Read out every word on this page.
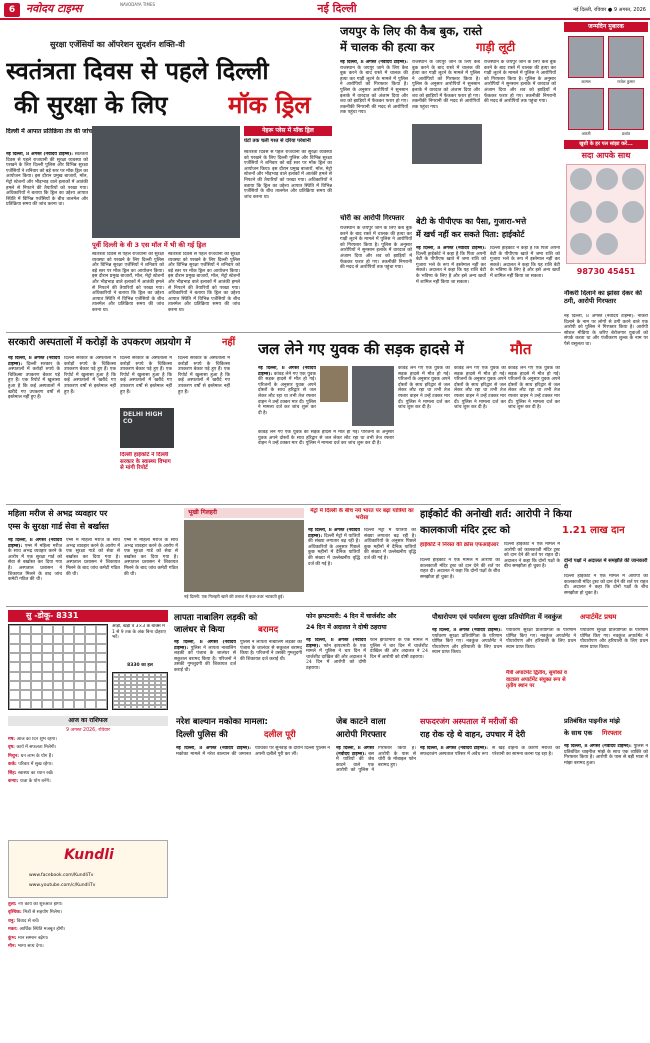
6 नवोदय टाइम्स	NAVODAYA TIMES	नई दिल्ली	नई दिल्ली, रविवार ● 9 अगस्त, 2026
सुरक्षा एजेंसियों का ऑपरेशन सुदर्शन शक्ति-वी
स्वतंत्रता दिवस से पहले दिल्ली
की सुरक्षा के लिए	मॉक ड्रिल
दिल्ली में आपात प्रतिक्रिया तंत्र की जांच
नई दिल्ली, 8 अगस्त (नवोदय टाइम्स): स्वतंत्रता दिवस से पहले राजधानी की सुरक्षा व्यवस्था को परखने के लिए दिल्ली पुलिस और विभिन्न सुरक्षा एजेंसियों ने शनिवार को बड़े स्तर पर मॉक ड्रिल का आयोजन किया। इस दौरान प्रमुख बाजारों, मॉल, मेट्रो स्टेशनों और भीड़भाड़ वाले इलाकों में आतंकी हमले से निपटने की तैयारियों को परखा गया। अधिकारियों ने बताया कि ड्रिल का उद्देश्य आपात स्थिति में विभिन्न एजेंसियों के बीच तालमेल और प्रतिक्रिया समय की जांच करना था।
पूर्वी दिल्ली के वी 3 एस मॉल में भी की गई ड्रिल
स्वतंत्रता दिवस से पहले राजधानी की सुरक्षा व्यवस्था को परखने के लिए दिल्ली पुलिस और विभिन्न सुरक्षा एजेंसियों ने शनिवार को बड़े स्तर पर मॉक ड्रिल का आयोजन किया। इस दौरान प्रमुख बाजारों, मॉल, मेट्रो स्टेशनों और भीड़भाड़ वाले इलाकों में आतंकी हमले से निपटने की तैयारियों को परखा गया। अधिकारियों ने बताया कि ड्रिल का उद्देश्य आपात स्थिति में विभिन्न एजेंसियों के बीच तालमेल और प्रतिक्रिया समय की जांच करना था।
स्वतंत्रता दिवस से पहले राजधानी की सुरक्षा व्यवस्था को परखने के लिए दिल्ली पुलिस और विभिन्न सुरक्षा एजेंसियों ने शनिवार को बड़े स्तर पर मॉक ड्रिल का आयोजन किया। इस दौरान प्रमुख बाजारों, मॉल, मेट्रो स्टेशनों और भीड़भाड़ वाले इलाकों में आतंकी हमले से निपटने की तैयारियों को परखा गया। अधिकारियों ने बताया कि ड्रिल का उद्देश्य आपात स्थिति में विभिन्न एजेंसियों के बीच तालमेल और प्रतिक्रिया समय की जांच करना था।
नेहरू प्लेस में मॉक ड्रिल
घंटों तक चली गश्त से दरिया परेशानी
स्वतंत्रता दिवस से पहले राजधानी की सुरक्षा व्यवस्था को परखने के लिए दिल्ली पुलिस और विभिन्न सुरक्षा एजेंसियों ने शनिवार को बड़े स्तर पर मॉक ड्रिल का आयोजन किया। इस दौरान प्रमुख बाजारों, मॉल, मेट्रो स्टेशनों और भीड़भाड़ वाले इलाकों में आतंकी हमले से निपटने की तैयारियों को परखा गया। अधिकारियों ने बताया कि ड्रिल का उद्देश्य आपात स्थिति में विभिन्न एजेंसियों के बीच तालमेल और प्रतिक्रिया समय की जांच करना था।
जयपुर के लिए की कैब बुक, रास्ते
में चालक की हत्या कर	गाड़ी लूटी
नई दिल्ली, 8 अगस्त (नवोदय टाइम्स): राजस्थान के जयपुर जाने के लिए कैब बुक करने के बाद रास्ते में चालक की हत्या कर गाड़ी लूटने के मामले में पुलिस ने आरोपियों को गिरफ्तार किया है। पुलिस के अनुसार आरोपियों ने सुनसान इलाके में वारदात को अंजाम दिया और शव को झाड़ियों में फेंककर फरार हो गए। तकनीकी निगरानी की मदद से आरोपियों तक पहुंचा गया।
राजस्थान के जयपुर जाने के लिए कैब बुक करने के बाद रास्ते में चालक की हत्या कर गाड़ी लूटने के मामले में पुलिस ने आरोपियों को गिरफ्तार किया है। पुलिस के अनुसार आरोपियों ने सुनसान इलाके में वारदात को अंजाम दिया और शव को झाड़ियों में फेंककर फरार हो गए। तकनीकी निगरानी की मदद से आरोपियों तक पहुंचा गया।
राजस्थान के जयपुर जाने के लिए कैब बुक करने के बाद रास्ते में चालक की हत्या कर गाड़ी लूटने के मामले में पुलिस ने आरोपियों को गिरफ्तार किया है। पुलिस के अनुसार आरोपियों ने सुनसान इलाके में वारदात को अंजाम दिया और शव को झाड़ियों में फेंककर फरार हो गए। तकनीकी निगरानी की मदद से आरोपियों तक पहुंचा गया।
चोरी का आरोपी गिरफ्तार
राजस्थान के जयपुर जाने के लिए कैब बुक करने के बाद रास्ते में चालक की हत्या कर गाड़ी लूटने के मामले में पुलिस ने आरोपियों को गिरफ्तार किया है। पुलिस के अनुसार आरोपियों ने सुनसान इलाके में वारदात को अंजाम दिया और शव को झाड़ियों में फेंककर फरार हो गए। तकनीकी निगरानी की मदद से आरोपियों तक पहुंचा गया।
बेटी के पीपीएफ का पैसा, गुजारा-भत्ते
में खर्च नहीं कर सकते पिता: हाईकोर्ट
नई दिल्ली, 8 अगस्त (नवोदय टाइम्स): दिल्ली हाईकोर्ट ने कहा है कि पिता अपनी बेटी के पीपीएफ खाते में जमा राशि को गुजारा भत्ते के रूप में इस्तेमाल नहीं कर सकते। अदालत ने कहा कि यह राशि बेटी के भविष्य के लिए है और इसे अन्य खर्चों में शामिल नहीं किया जा सकता।
दिल्ली हाईकोर्ट ने कहा है कि पिता अपनी बेटी के पीपीएफ खाते में जमा राशि को गुजारा भत्ते के रूप में इस्तेमाल नहीं कर सकते। अदालत ने कहा कि यह राशि बेटी के भविष्य के लिए है और इसे अन्य खर्चों में शामिल नहीं किया जा सकता।
जन्मदिन मुबारक
कामल	राजेश कुमार
आरती	प्रशांत
खुशी के हर पल सांझा करें...
सदा आपके साथ
98730 45451
नौकरी दिलाने का झांसा देकर की ठगी, आरोपी गिरफ्तार
नई दिल्ली, 8 अगस्त (नवोदय टाइम्स): नौकरी दिलाने के नाम पर लोगों से ठगी करने वाले एक आरोपी को पुलिस ने गिरफ्तार किया है। आरोपी सोशल मीडिया के जरिए बेरोजगार युवाओं को संपर्क करता था और पंजीकरण शुल्क के नाम पर पैसे वसूलता था।
सरकारी अस्पतालों में करोड़ों के उपकरण अप्रयोग में	नहीं
नई दिल्ली, 8 अगस्त (नवोदय टाइम्स): दिल्ली सरकार के अस्पतालों में करोड़ों रुपये के चिकित्सा उपकरण बेकार पड़े हुए हैं। एक रिपोर्ट में खुलासा हुआ है कि कई अस्पतालों में खरीदे गए उपकरण वर्षों से इस्तेमाल नहीं हुए हैं।
दिल्ली सरकार के अस्पतालों में करोड़ों रुपये के चिकित्सा उपकरण बेकार पड़े हुए हैं। एक रिपोर्ट में खुलासा हुआ है कि कई अस्पतालों में खरीदे गए उपकरण वर्षों से इस्तेमाल नहीं हुए हैं।
दिल्ली सरकार के अस्पतालों में करोड़ों रुपये के चिकित्सा उपकरण बेकार पड़े हुए हैं। एक रिपोर्ट में खुलासा हुआ है कि कई अस्पतालों में खरीदे गए उपकरण वर्षों से इस्तेमाल नहीं हुए हैं।
DELHI HIGH CO
दिल्ली हाईकोर्ट ने दिल्ली सरकार के स्वास्थ्य विभाग से मांगी रिपोर्ट
दिल्ली सरकार के अस्पतालों में करोड़ों रुपये के चिकित्सा उपकरण बेकार पड़े हुए हैं। एक रिपोर्ट में खुलासा हुआ है कि कई अस्पतालों में खरीदे गए उपकरण वर्षों से इस्तेमाल नहीं हुए हैं।
जल लेने गए युवक की सड़क हादसे में	मौत
नई दिल्ली, 8 अगस्त (नवोदय टाइम्स): कांवड़ लेने गए एक युवक की सड़क हादसे में मौत हो गई। परिजनों के अनुसार युवक अपने दोस्तों के साथ हरिद्वार से जल लेकर लौट रहा था तभी तेज रफ्तार वाहन ने उन्हें टक्कर मार दी। पुलिस ने मामला दर्ज कर जांच शुरू कर दी है।
कांवड़ लेने गए एक युवक की सड़क हादसे में मौत हो गई। परिजनों के अनुसार युवक अपने दोस्तों के साथ हरिद्वार से जल लेकर लौट रहा था तभी तेज रफ्तार वाहन ने उन्हें टक्कर मार दी। पुलिस ने मामला दर्ज कर जांच शुरू कर दी है।
कांवड़ लेने गए एक युवक की सड़क हादसे में मौत हो गई। परिजनों के अनुसार युवक अपने दोस्तों के साथ हरिद्वार से जल लेकर लौट रहा था तभी तेज रफ्तार वाहन ने उन्हें टक्कर मार दी। पुलिस ने मामला दर्ज कर जांच शुरू कर दी है।
कांवड़ लेने गए एक युवक की सड़क हादसे में मौत हो गई। परिजनों के अनुसार युवक अपने दोस्तों के साथ हरिद्वार से जल लेकर लौट रहा था तभी तेज रफ्तार वाहन ने उन्हें टक्कर मार दी। पुलिस ने मामला दर्ज कर जांच शुरू कर दी है।
कांवड़ लेने गए एक युवक की सड़क हादसे में मौत हो गई। परिजनों के अनुसार युवक अपने दोस्तों के साथ हरिद्वार से जल लेकर लौट रहा था तभी तेज रफ्तार वाहन ने उन्हें टक्कर मार दी। पुलिस ने मामला दर्ज कर जांच शुरू कर दी है।
महिला मरीज से अभद्र व्यवहार पर
एम्स के सुरक्षा गार्ड सेवा से बर्खास्त
नई दिल्ली, 8 अगस्त (नवोदय टाइम्स): एम्स में महिला मरीज के साथ अभद्र व्यवहार करने के आरोप में एक सुरक्षा गार्ड को सेवा से बर्खास्त कर दिया गया है। अस्पताल प्रशासन ने शिकायत मिलने के बाद जांच कमेटी गठित की थी।
एम्स में महिला मरीज के साथ अभद्र व्यवहार करने के आरोप में एक सुरक्षा गार्ड को सेवा से बर्खास्त कर दिया गया है। अस्पताल प्रशासन ने शिकायत मिलने के बाद जांच कमेटी गठित की थी।
एम्स में महिला मरीज के साथ अभद्र व्यवहार करने के आरोप में एक सुरक्षा गार्ड को सेवा से बर्खास्त कर दिया गया है। अस्पताल प्रशासन ने शिकायत मिलने के बाद जांच कमेटी गठित की थी।
भूखी गिलहरी
नई दिल्ली: एक गिलहरी खाने की तलाश में इधर-उधर भटकती हुई।
मेट्रो में दिल्ली के बीच नये भारत पर बढ़ा यात्रियों का भरोसा
नई दिल्ली, 8 अगस्त (नवोदय टाइम्स): दिल्ली मेट्रो में यात्रियों की संख्या लगातार बढ़ रही है। अधिकारियों के अनुसार पिछले कुछ महीनों में दैनिक यात्रियों की संख्या में उल्लेखनीय वृद्धि दर्ज की गई है।
दिल्ली मेट्रो में यात्रियों की संख्या लगातार बढ़ रही है। अधिकारियों के अनुसार पिछले कुछ महीनों में दैनिक यात्रियों की संख्या में उल्लेखनीय वृद्धि दर्ज की गई है।
हाईकोर्ट की अनोखी शर्त: आरोपी ने किया
कालकाजी मंदिर ट्रस्ट को	1.21 लाख दान
हाईकोर्ट ने निरस्त की क्रॉस एफआईआर
दिल्ली हाईकोर्ट ने एक मामले में आरोपी को कालकाजी मंदिर ट्रस्ट को दान देने की शर्त पर राहत दी। अदालत ने कहा कि दोनों पक्षों के बीच समझौता हो चुका है।
दिल्ली हाईकोर्ट ने एक मामले में आरोपी को कालकाजी मंदिर ट्रस्ट को दान देने की शर्त पर राहत दी। अदालत ने कहा कि दोनों पक्षों के बीच समझौता हो चुका है।
दोनों पक्षों ने अदालत में समझौते की जानकारी दी
दिल्ली हाईकोर्ट ने एक मामले में आरोपी को कालकाजी मंदिर ट्रस्ट को दान देने की शर्त पर राहत दी। अदालत ने कहा कि दोनों पक्षों के बीच समझौता हो चुका है।
सु -डोकू- 8331
आड़ी, खड़ी व 3×3 के बॉक्स में 1 से 9 तक के अंक बिना दोहराए भरें।
8330 का हल
लापता नाबालिग लड़की को
जालंधर से किया	बरामद
नई दिल्ली, 8 अगस्त (नवोदय टाइम्स): पुलिस ने लापता नाबालिग लड़की को पंजाब के जालंधर से सकुशल बरामद किया है। परिजनों ने उसकी गुमशुदगी की शिकायत दर्ज कराई थी।
पुलिस ने लापता नाबालिग लड़की को पंजाब के जालंधर से सकुशल बरामद किया है। परिजनों ने उसकी गुमशुदगी की शिकायत दर्ज कराई थी।
फोन झपटमारी: 4 दिन में चार्जशीट और
24 दिन में अदालत ने दोषी ठहराया
नई दिल्ली, 8 अगस्त (नवोदय टाइम्स): फोन झपटमारी के एक मामले में पुलिस ने चार दिन में चार्जशीट दाखिल की और अदालत ने 24 दिन में आरोपी को दोषी ठहराया।
फोन झपटमारी के एक मामले में पुलिस ने चार दिन में चार्जशीट दाखिल की और अदालत ने 24 दिन में आरोपी को दोषी ठहराया।
पौधारोपण एवं पर्यावरण सुरक्षा प्रतियोगिता में नवकुंज	अपार्टमेंट प्रथम
नई दिल्ली, 8 अगस्त (नवोदय टाइम्स): पर्यावरण सुरक्षा प्रतियोगिता के परिणाम घोषित किए गए। नवकुंज अपार्टमेंट ने पौधारोपण और हरियाली के लिए प्रथम स्थान प्राप्त किया।
पर्यावरण सुरक्षा प्रतियोगिता के परिणाम घोषित किए गए। नवकुंज अपार्टमेंट ने पौधारोपण और हरियाली के लिए प्रथम स्थान प्राप्त किया।
मैत्री अपार्टमेंट द्वितीय, सुमोको व वाटाला अपार्टमेंट संयुक्त रूप से तृतीय स्थान पर
पर्यावरण सुरक्षा प्रतियोगिता के परिणाम घोषित किए गए। नवकुंज अपार्टमेंट ने पौधारोपण और हरियाली के लिए प्रथम स्थान प्राप्त किया।
आज का राशिफल
9 अगस्त 2026, रविवार
मेष: आज का दिन शुभ रहेगा।
वृष: कार्य में सफलता मिलेगी।
मिथुन: धन लाभ के योग हैं।
कर्क: परिवार में सुख रहेगा।
सिंह: स्वास्थ्य का ध्यान रखें।
कन्या: यात्रा के योग बनेंगे।
Kundli
www.facebook.com/KundliTv
www.youtube.com/c/KundliTv
तुला: नए कार्य की शुरुआत होगी।
वृश्चिक: मित्रों से सहयोग मिलेगा।
धनु: विवाद से बचें।
मकर: आर्थिक स्थिति मजबूत होगी।
कुंभ: मान सम्मान बढ़ेगा।
मीन: भाग्य साथ देगा।
नरेश बाल्यान मकोका मामला:
दिल्ली पुलिस की	दलील पूरी
नई दिल्ली, 8 अगस्त (नवोदय टाइम्स): मकोका मामले में नरेश बाल्यान की जमानत याचिका पर सुनवाई के दौरान दिल्ली पुलिस ने अपनी दलीलें पूरी कर लीं।
जेब काटने वाला
आरोपी गिरफ्तार
नई दिल्ली, 8 अगस्त (नवोदय टाइम्स): बस में यात्रियों की जेब काटने वाले एक आरोपी को पुलिस ने गिरफ्तार किया है। आरोपी के पास से चोरी के मोबाइल फोन बरामद हुए।
सफदरजंग अस्पताल में मरीजों की
राह रोक रहे थे वाहन, उपचार में देरी
नई दिल्ली, 8 अगस्त (नवोदय टाइम्स): सफदरजंग अस्पताल परिसर में अवैध रूप से खड़े वाहनों के कारण मरीजों को परेशानी का सामना करना पड़ रहा है।
प्रतिबंधित पाइनीज मांझे
के साथ एक	गिरफ्तार
नई दिल्ली, 8 अगस्त (नवोदय टाइम्स): पुलिस ने प्रतिबंधित चाइनीज मांझे के साथ एक व्यक्ति को गिरफ्तार किया है। आरोपी के पास से बड़ी मात्रा में मांझा बरामद हुआ।
